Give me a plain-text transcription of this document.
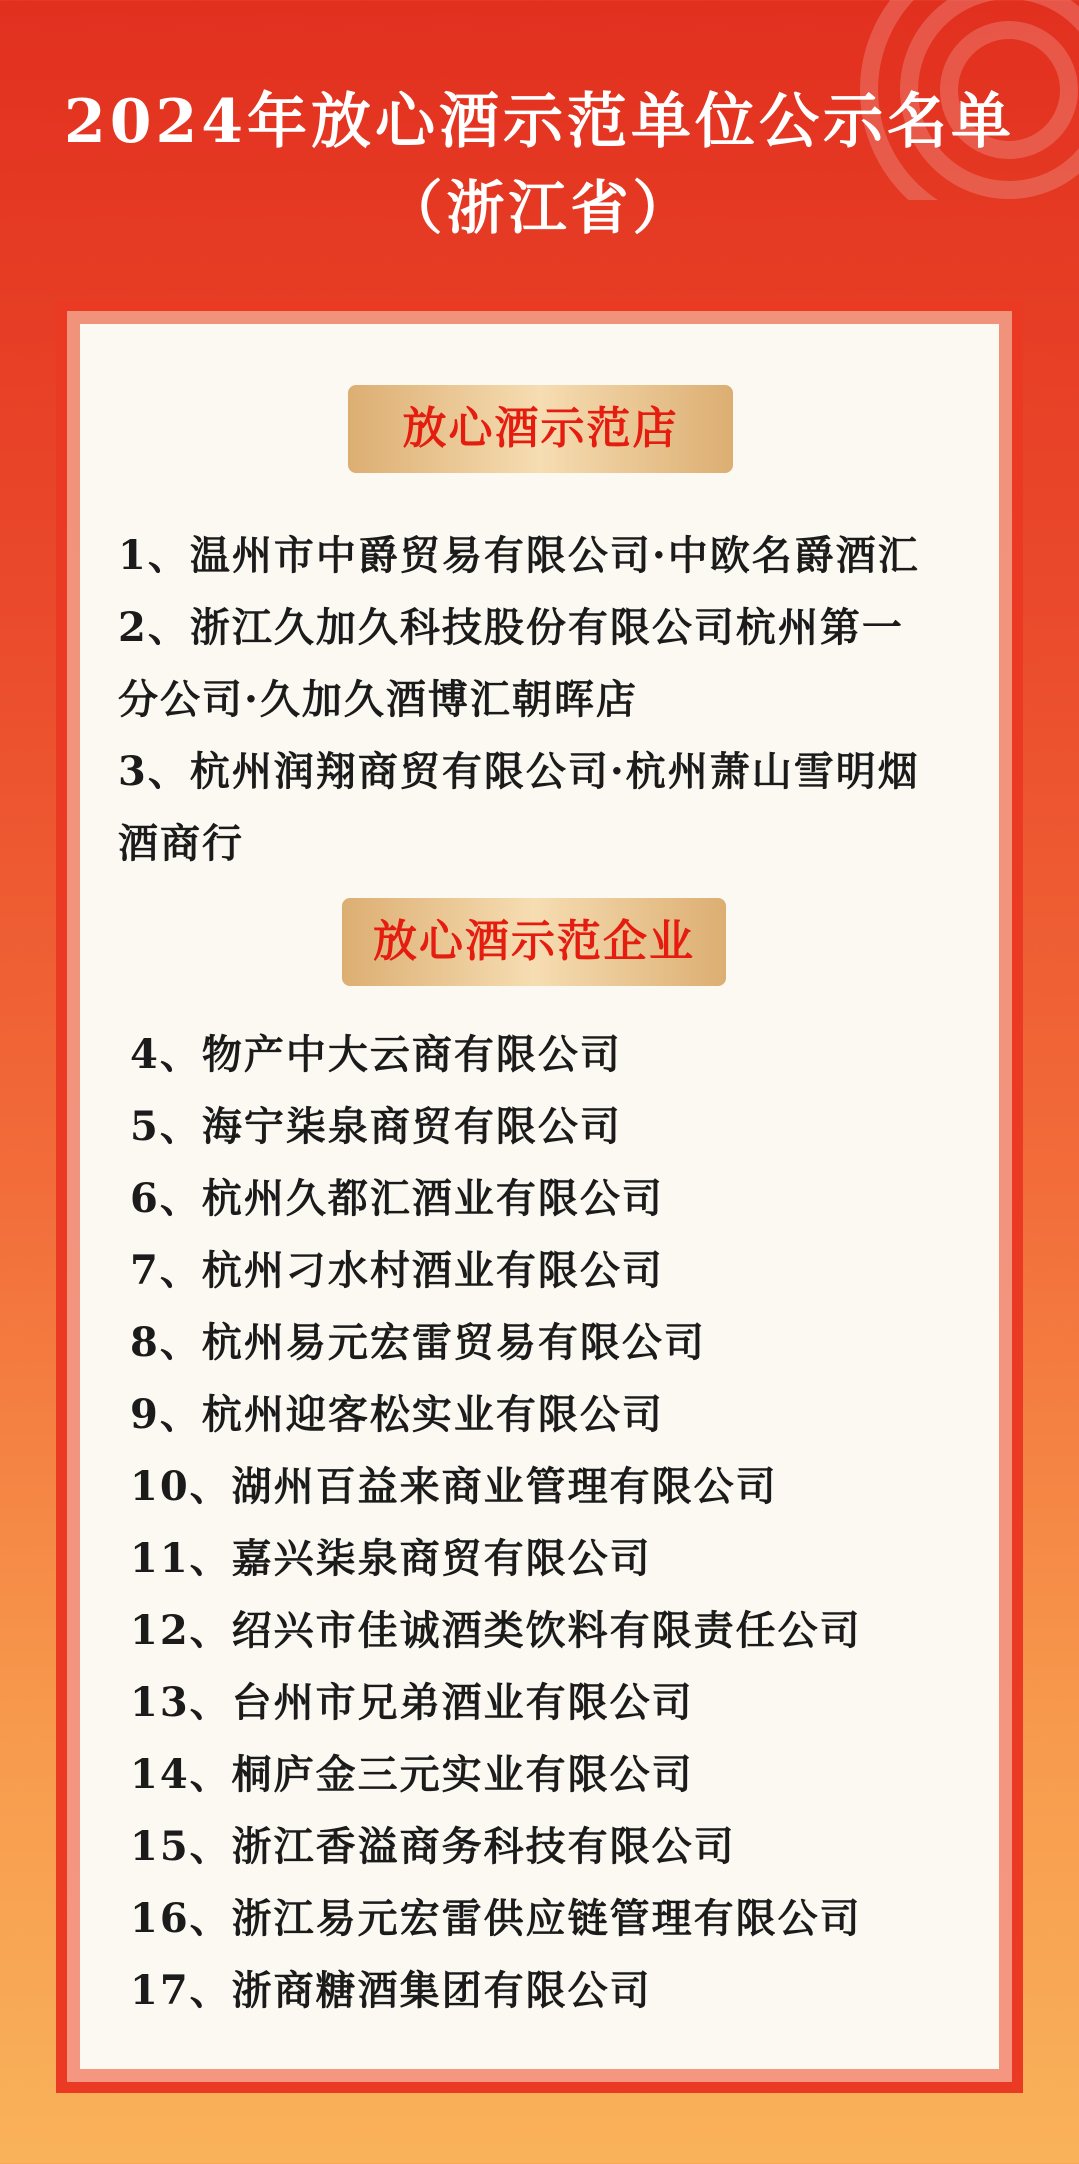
2024年放心酒示范单位公示名单
（浙江省）
放心酒示范店
1、温州市中爵贸易有限公司·中欧名爵酒汇
2、浙江久加久科技股份有限公司杭州第一
分公司·久加久酒博汇朝晖店
3、杭州润翔商贸有限公司·杭州萧山雪明烟
酒商行
放心酒示范企业
4、物产中大云商有限公司
5、海宁柒泉商贸有限公司
6、杭州久都汇酒业有限公司
7、杭州刁水村酒业有限公司
8、杭州易元宏雷贸易有限公司
9、杭州迎客松实业有限公司
10、湖州百益来商业管理有限公司
11、嘉兴柒泉商贸有限公司
12、绍兴市佳诚酒类饮料有限责任公司
13、台州市兄弟酒业有限公司
14、桐庐金三元实业有限公司
15、浙江香溢商务科技有限公司
16、浙江易元宏雷供应链管理有限公司
17、浙商糖酒集团有限公司
